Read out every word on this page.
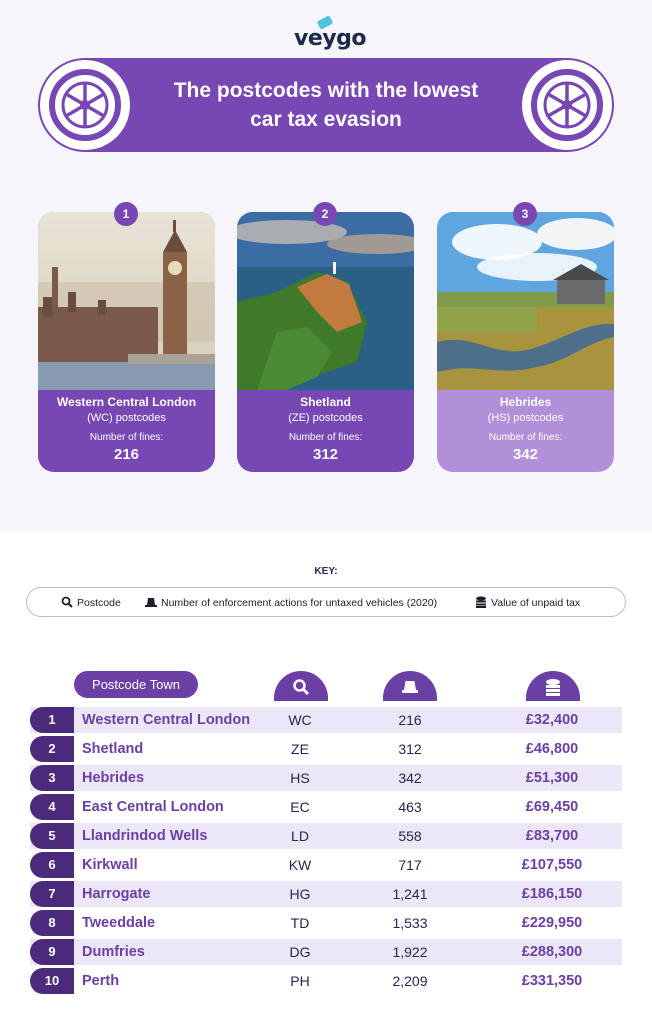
veygo
The postcodes with the lowest car tax evasion
1	2	3
Western Central London
(WC) postcodes
Number of fines:
216
Shetland
(ZE) postcodes
Number of fines:
312
Hebrides
(HS) postcodes
Number of fines:
342
KEY:
Postcode	Number of enforcement actions for untaxed vehicles (2020)	Value of unpaid tax
Postcode Town
1	Western Central London	WC	216	£32,400
2	Shetland	ZE	312	£46,800
3	Hebrides	HS	342	£51,300
4	East Central London	EC	463	£69,450
5	Llandrindod Wells	LD	558	£83,700
6	Kirkwall	KW	717	£107,550
7	Harrogate	HG	1,241	£186,150
8	Tweeddale	TD	1,533	£229,950
9	Dumfries	DG	1,922	£288,300
10	Perth	PH	2,209	£331,350
